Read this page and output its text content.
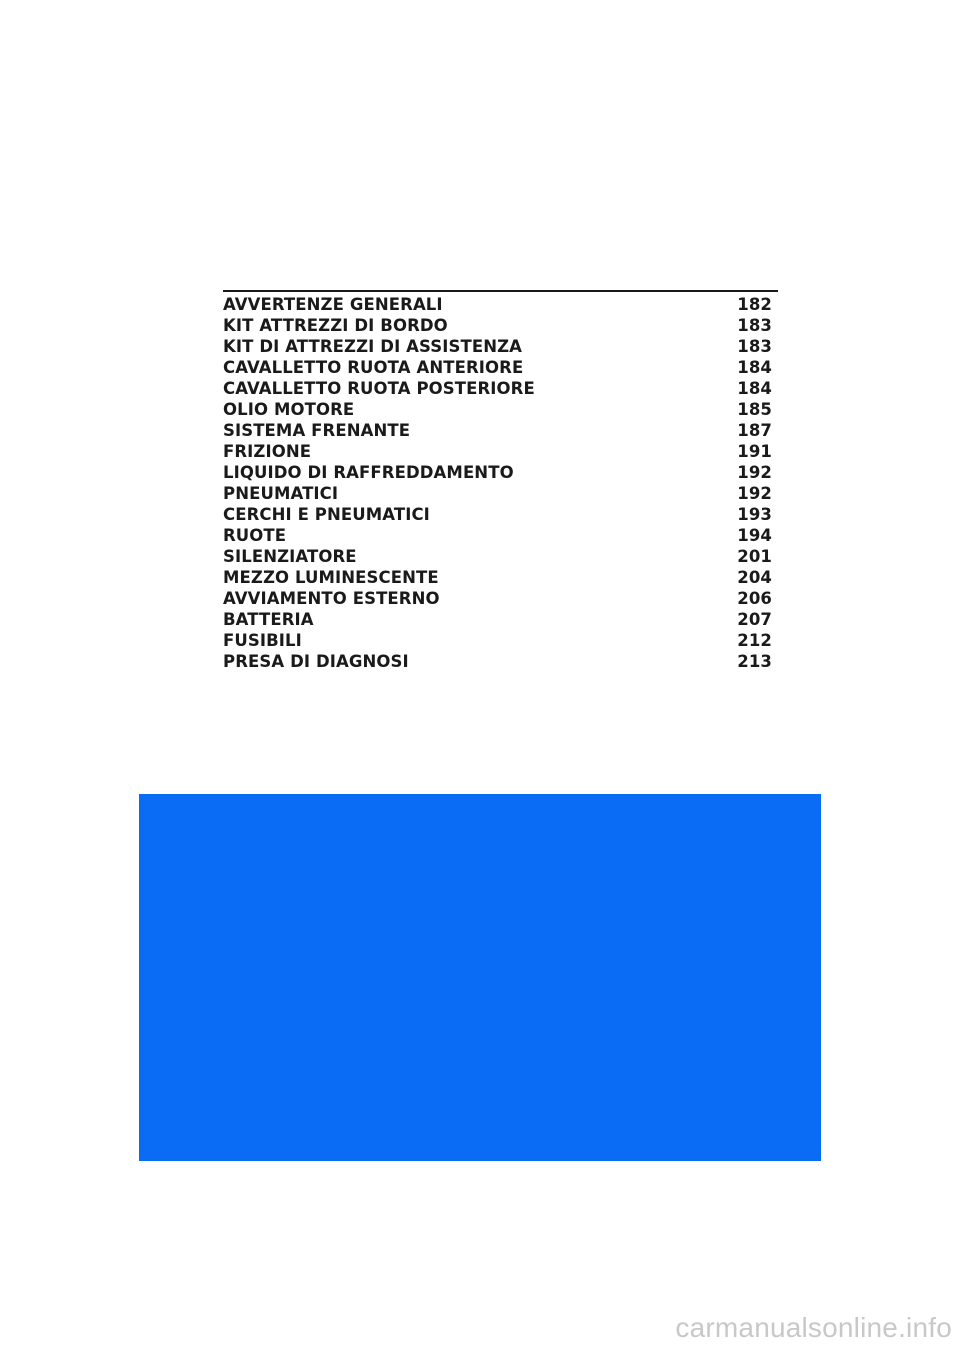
AVVERTENZE GENERALI	182
KIT ATTREZZI DI BORDO	183
KIT DI ATTREZZI DI ASSISTENZA	183
CAVALLETTO RUOTA ANTERIORE	184
CAVALLETTO RUOTA POSTERIORE	184
OLIO MOTORE	185
SISTEMA FRENANTE	187
FRIZIONE	191
LIQUIDO DI RAFFREDDAMENTO	192
PNEUMATICI	192
CERCHI E PNEUMATICI	193
RUOTE	194
SILENZIATORE	201
MEZZO LUMINESCENTE	204
AVVIAMENTO ESTERNO	206
BATTERIA	207
FUSIBILI	212
PRESA DI DIAGNOSI	213
carmanualsonline.info
